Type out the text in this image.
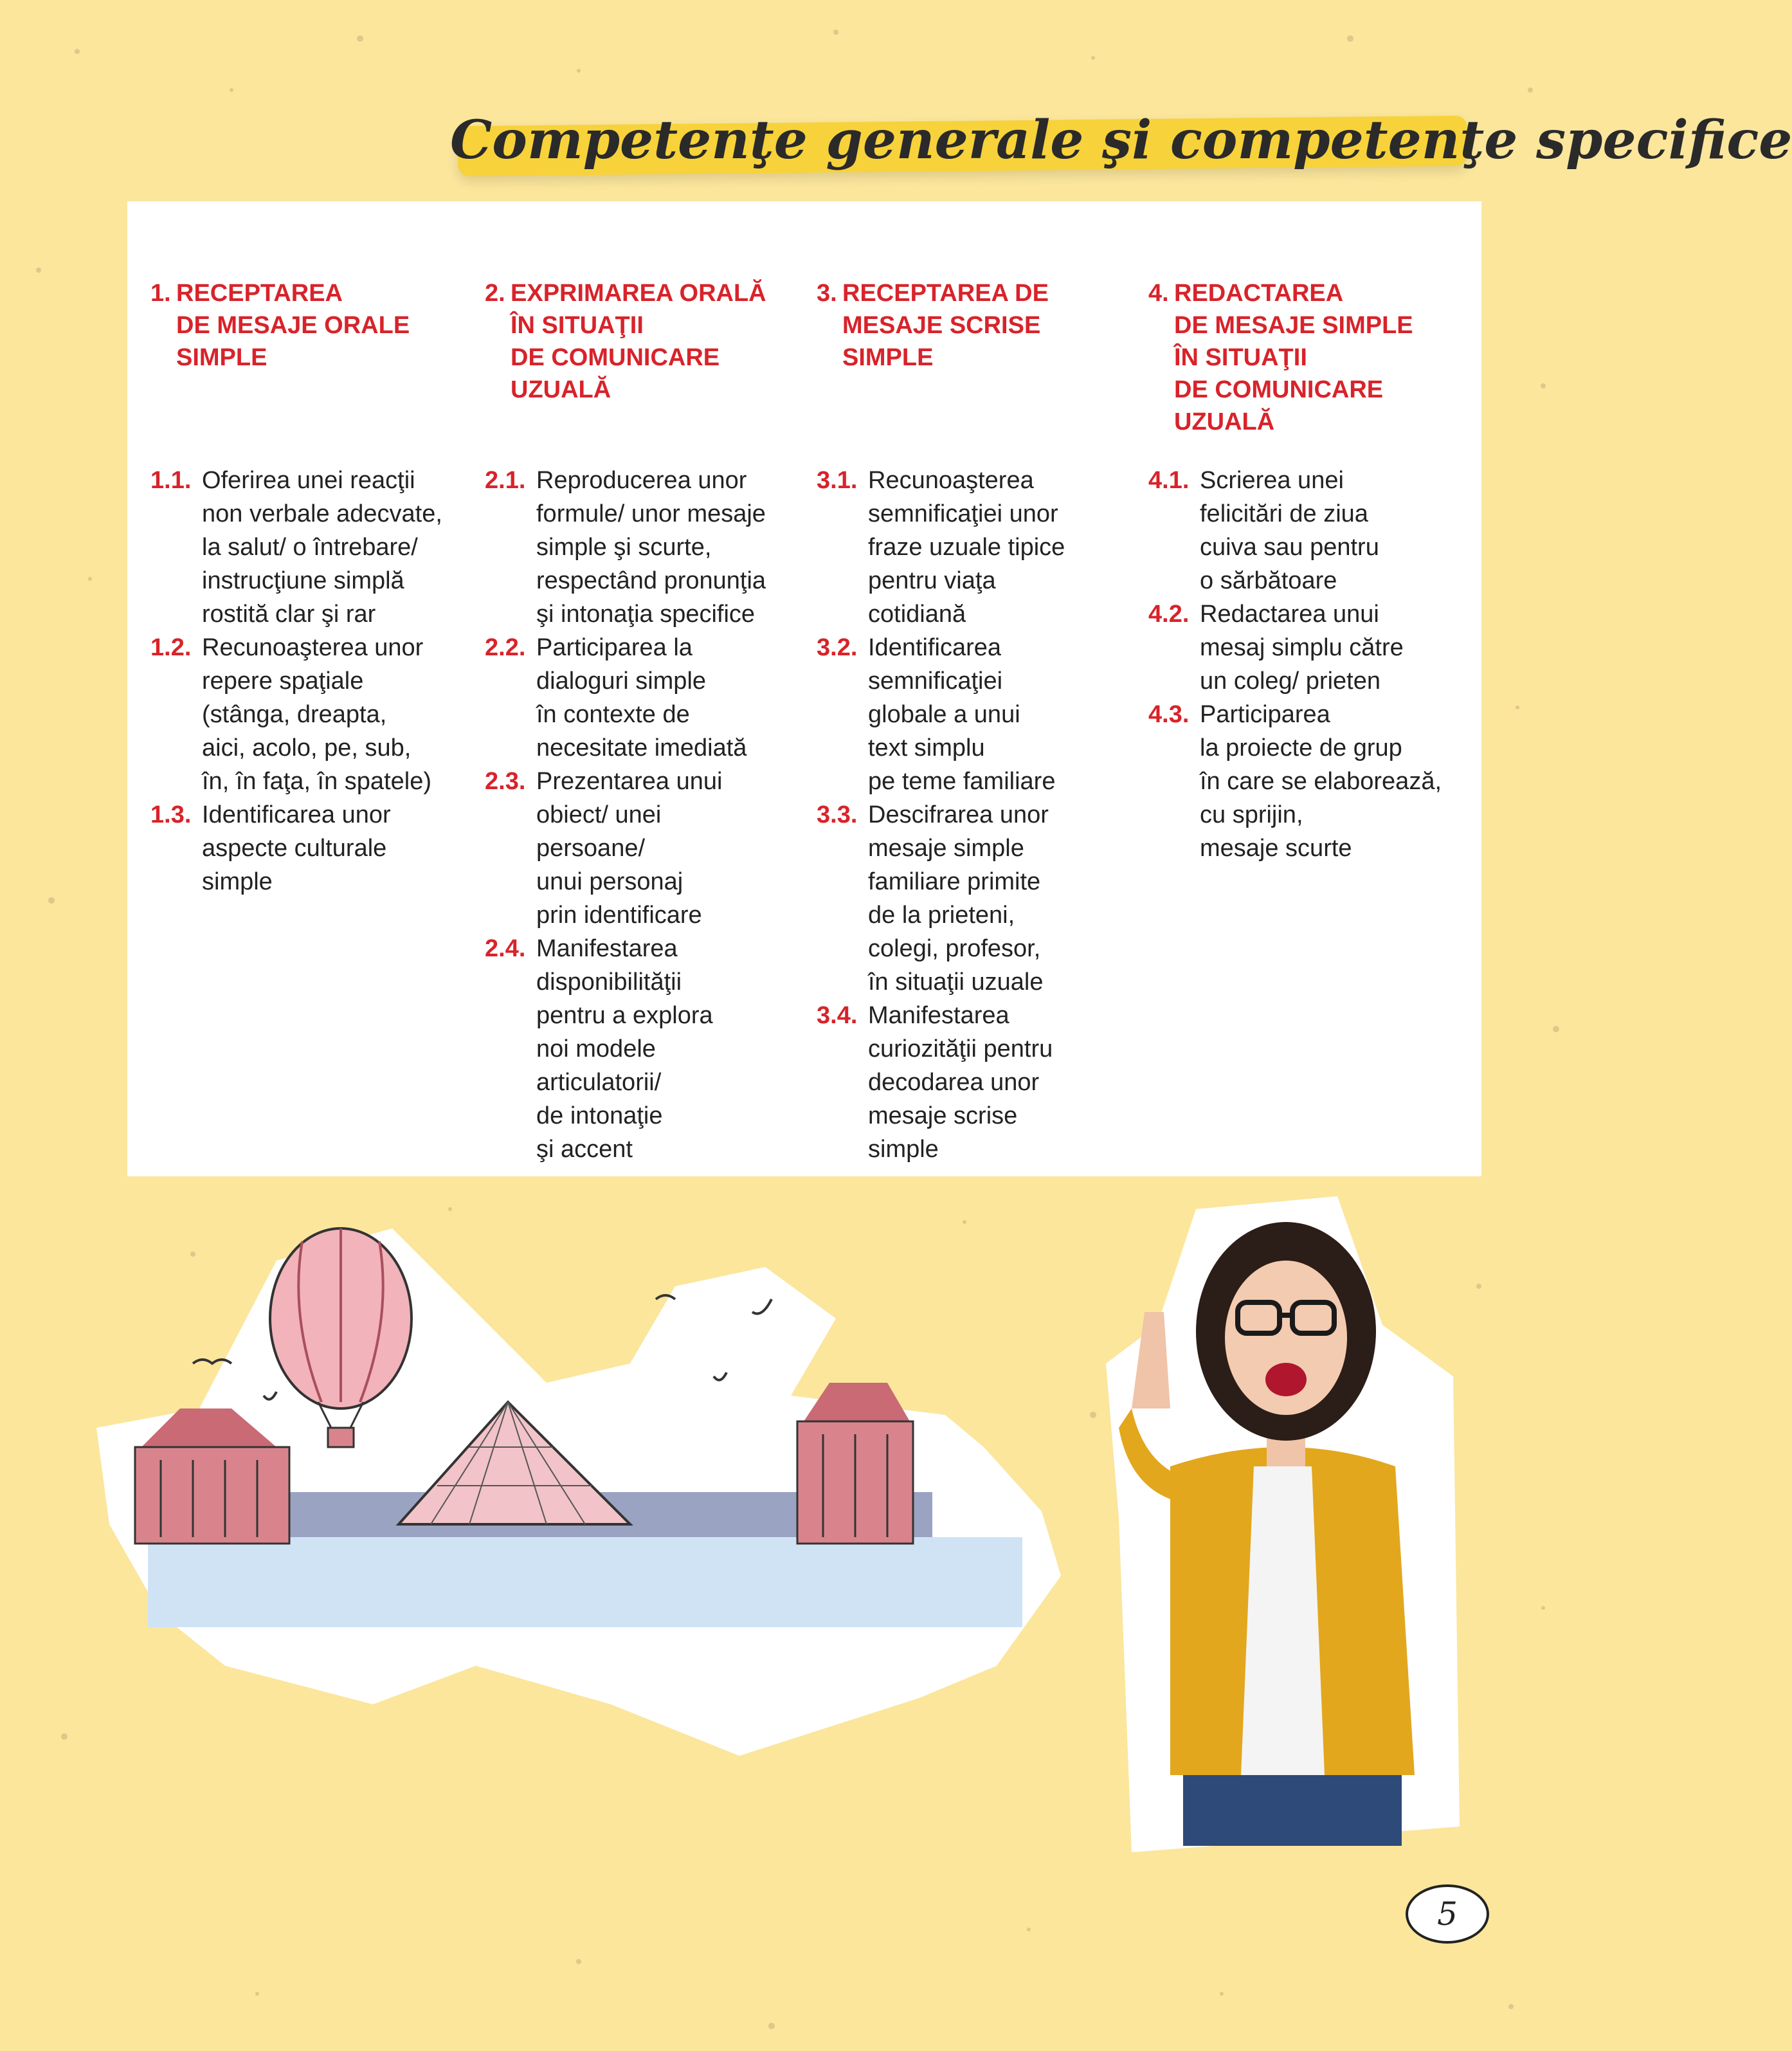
Competenţe generale şi competenţe specifice
1. RECEPTAREA
DE MESAJE ORALE
SIMPLE
1.1. Oferirea unei reacţii
non verbale adecvate,
la salut/ o întrebare/
instrucţiune simplă
rostită clar şi rar
1.2. Recunoaşterea unor
repere spaţiale
(stânga, dreapta,
aici, acolo, pe, sub,
în, în faţa, în spatele)
1.3. Identificarea unor
aspecte culturale
simple
2. EXPRIMAREA ORALĂ
ÎN SITUAŢII
DE COMUNICARE
UZUALĂ
2.1. Reproducerea unor
formule/ unor mesaje
simple şi scurte,
respectând pronunţia
şi intonaţia specifice
2.2. Participarea la
dialoguri simple
în contexte de
necesitate imediată
2.3. Prezentarea unui
obiect/ unei
persoane/
unui personaj
prin identificare
2.4. Manifestarea
disponibilităţii
pentru a explora
noi modele
articulatorii/
de intonaţie
şi accent
3. RECEPTAREA DE
MESAJE SCRISE
SIMPLE
3.1. Recunoaşterea
semnificaţiei unor
fraze uzuale tipice
pentru viaţa
cotidiană
3.2. Identificarea
semnificaţiei
globale a unui
text simplu
pe teme familiare
3.3. Descifrarea unor
mesaje simple
familiare primite
de la prieteni,
colegi, profesor,
în situaţii uzuale
3.4. Manifestarea
curiozităţii pentru
decodarea unor
mesaje scrise
simple
4. REDACTAREA
DE MESAJE SIMPLE
ÎN SITUAŢII
DE COMUNICARE
UZUALĂ
4.1. Scrierea unei
felicitări de ziua
cuiva sau pentru
o sărbătoare
4.2. Redactarea unui
mesaj simplu către
un coleg/ prieten
4.3. Participarea
la proiecte de grup
în care se elaborează,
cu sprijin,
mesaje scurte
5
